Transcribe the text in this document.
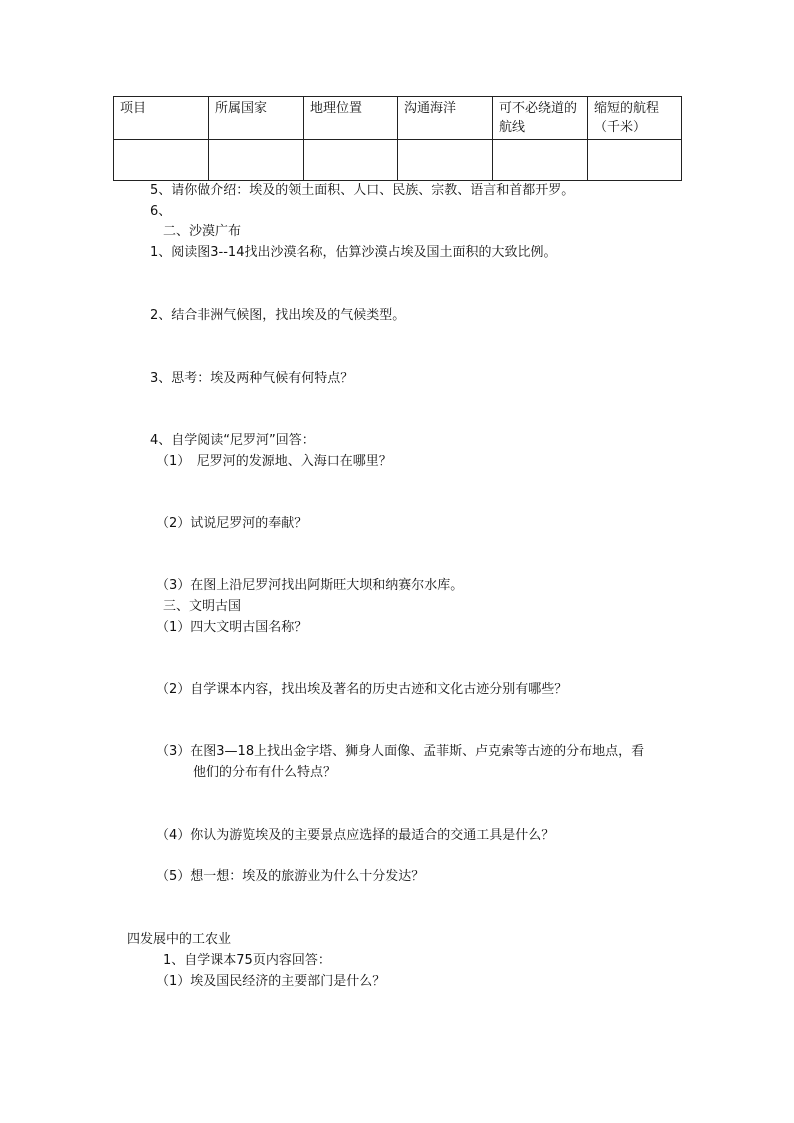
项目	所属国家	地理位置	沟通海洋	可不必绕道的航线	缩短的航程（千米）

5、请你做介绍：埃及的领土面积、人口、民族、宗教、语言和首都开罗。
6、
二、沙漠广布
1、阅读图3--14找出沙漠名称，估算沙漠占埃及国土面积的大致比例。
2、结合非洲气候图，找出埃及的气候类型。
3、思考：埃及两种气候有何特点？
4、自学阅读“尼罗河”回答：
（1）　尼罗河的发源地、入海口在哪里？
（2）试说尼罗河的奉献？
（3）在图上沿尼罗河找出阿斯旺大坝和纳赛尔水库。
三、文明古国
（1）四大文明古国名称？
（2）自学课本内容，找出埃及著名的历史古迹和文化古迹分别有哪些？
（3）在图3—18上找出金字塔、狮身人面像、孟菲斯、卢克索等古迹的分布地点，看
他们的分布有什么特点？
（4）你认为游览埃及的主要景点应选择的最适合的交通工具是什么？
（5）想一想：埃及的旅游业为什么十分发达？
四发展中的工农业
1、自学课本75页内容回答：
（1）埃及国民经济的主要部门是什么？
